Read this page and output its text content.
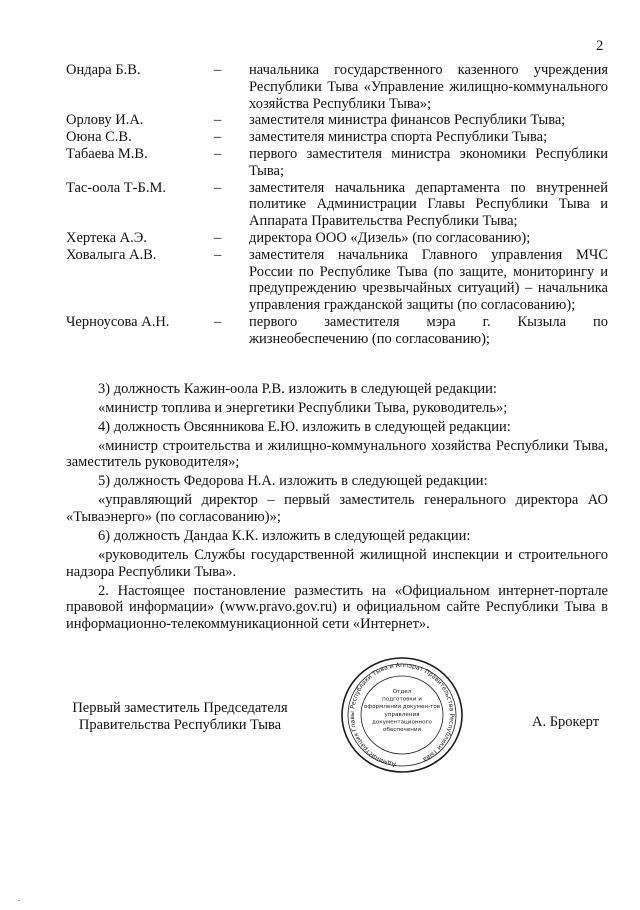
2
Ондара Б.В.	–	начальника государственного казенного учреждения Республики Тыва «Управление жилищно-коммунального хозяйства Республики Тыва»;
Орлову И.А.	–	заместителя министра финансов Республики Тыва;
Оюна С.В.	–	заместителя министра спорта Республики Тыва;
Табаева М.В.	–	первого заместителя министра экономики Республики Тыва;
Тас-оола Т-Б.М.	–	заместителя начальника департамента по внутренней политике Администрации Главы Республики Тыва и Аппарата Правительства Республики Тыва;
Хертека А.Э.	–	директора ООО «Дизель» (по согласованию);
Ховалыга А.В.	–	заместителя начальника Главного управления МЧС России по Республике Тыва (по защите, мониторингу и предупреждению чрезвычайных ситуаций) – начальника управления гражданской защиты (по согласованию);
Черноусова А.Н.	–	первого заместителя мэра г. Кызыла по жизнеобеспечению (по согласованию);

3) должность Кажин-оола Р.В. изложить в следующей редакции:

«министр топлива и энергетики Республики Тыва, руководитель»;

4) должность Овсянникова Е.Ю. изложить в следующей редакции:

«министр строительства и жилищно-коммунального хозяйства Республики Тыва, заместитель руководителя»;

5) должность Федорова Н.А. изложить в следующей редакции:

«управляющий директор – первый заместитель генерального директора АО «Тываэнерго» (по согласованию)»;

6) должность Дандаа К.К. изложить в следующей редакции:

«руководитель Службы государственной жилищной инспекции и строительного надзора Республики Тыва».

2. Настоящее постановление разместить на «Официальном интернет-портале правовой информации» (www.pravo.gov.ru) и официальном сайте Республики Тыва в информационно-телекоммуникационной сети «Интернет».

Первый заместитель Председателя
Правительства Республики Тыва
Администрация Главы Республики Тыва и Аппарат Правительства Республики Тыва
Отдел
подготовки и
оформления докумен-тов
управления
документационного
обеспечения	А. Брокерт
-
